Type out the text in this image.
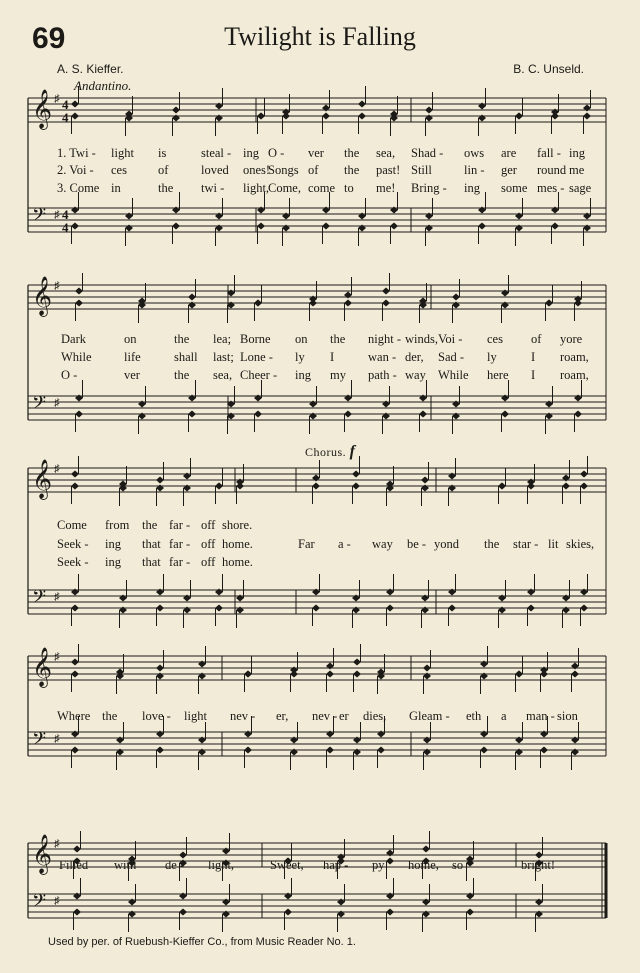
𝄞
𝄢
♯
♯
4
4
4
4
𝄞
𝄢
♯
♯
𝄞
𝄢
♯
♯
𝄞
𝄢
♯
♯
𝄞
𝄢
♯
♯
69	Twilight is Falling
A. S. Kieffer.	B. C. Unseld.
Andantino.
Chorus. f
1. Twi - light is	steal - ing O - ver the sea, Shad - ows are fall - ing
2. Voi - ces of	loved ones!
Songs of the past! Still	lin - ger round me
3. Come in	the twi - light,
Come, come to me! Bring - ing some mes - sage
Dark	on	the lea; Borne on the night - winds, Voi - ces of yore
While	life	shall last; Lone - ly I	wan - der, Sad - ly	I roam,
O -	ver	the sea, Cheer - ing my path - way While here I roam,
Come from the far - off shore.
Seek - ing that far - off home.	Far a - way be - yond the star - lit skies,
Seek - ing that far - off home.
Where the love - light nev - er, nev - er dies, Gleam - eth a man - sion
Filled with de - light,	Sweet, hap - py home, so	bright!
Used by per. of Ruebush-Kieffer Co., from Music Reader No. 1.
